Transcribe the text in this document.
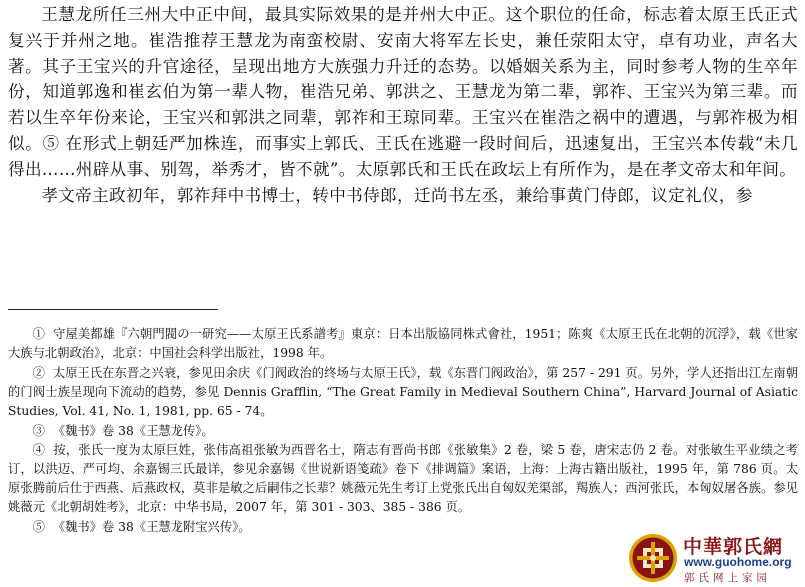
王慧龙所任三州大中正中间，最具实际效果的是并州大中正。这个职位的任命，标志着太原王氏正式复兴于并州之地。崔浩推荐王慧龙为南蛮校尉、安南大将军左长史，兼任荥阳太守，卓有功业，声名大著。其子王宝兴的升官途径，呈现出地方大族强力升迁的态势。以婚姻关系为主，同时参考人物的生卒年份，知道郭逸和崔玄伯为第一辈人物，崔浩兄弟、郭洪之、王慧龙为第二辈，郭祚、王宝兴为第三辈。而若以生卒年份来论，王宝兴和郭洪之同辈，郭祚和王琼同辈。王宝兴在崔浩之祸中的遭遇，与郭祚极为相似。⑤ 在形式上朝廷严加株连，而事实上郭氏、王氏在逃避一段时间后，迅速复出，王宝兴本传载“未几得出……州辟从事、别驾，举秀才，皆不就”。太原郭氏和王氏在政坛上有所作为，是在孝文帝太和年间。

孝文帝主政初年，郭祚拜中书博士，转中书侍郎，迁尚书左丞，兼给事黄门侍郎，议定礼仪，参

① 守屋美都雄『六朝門閥の一研究——太原王氏系譜考』東京：日本出版協同株式會社，1951；陈爽《太原王氏在北朝的沉浮》，载《世家大族与北朝政治》，北京：中国社会科学出版社，1998 年。

② 太原王氏在东晋之兴衰，参见田余庆《门阀政治的终场与太原王氏》，载《东晋门阀政治》，第 257 - 291 页。另外，学人还指出江左南朝的门阀士族呈现向下流动的趋势，参见 Dennis Grafflin, “The Great Family in Medieval Southern China”, Harvard Journal of Asiatic Studies, Vol. 41, No. 1, 1981, pp. 65 - 74。

③ 《魏书》卷 38《王慧龙传》。

④ 按，张氏一度为太原巨姓，张伟高祖张敏为西晋名士，隋志有晋尚书郎《张敏集》2 卷，梁 5 卷，唐宋志仍 2 卷。对张敏生平业绩之考订，以洪迈、严可均、余嘉锡三氏最详，参见余嘉锡《世说新语笺疏》卷下《排调篇》案语，上海：上海古籍出版社，1995 年，第 786 页。太原张腾前后仕于西燕、后燕政权，莫非是敏之后嗣伟之长辈？姚薇元先生考订上党张氏出自匈奴羌渠部，羯族人；西河张氏，本匈奴屠各族。参见姚薇元《北朝胡姓考》，北京：中华书局，2007 年，第 301 - 303、385 - 386 页。

⑤ 《魏书》卷 38《王慧龙附宝兴传》。

中華郭氏網
www.guohome.org
郭氏网上家园
